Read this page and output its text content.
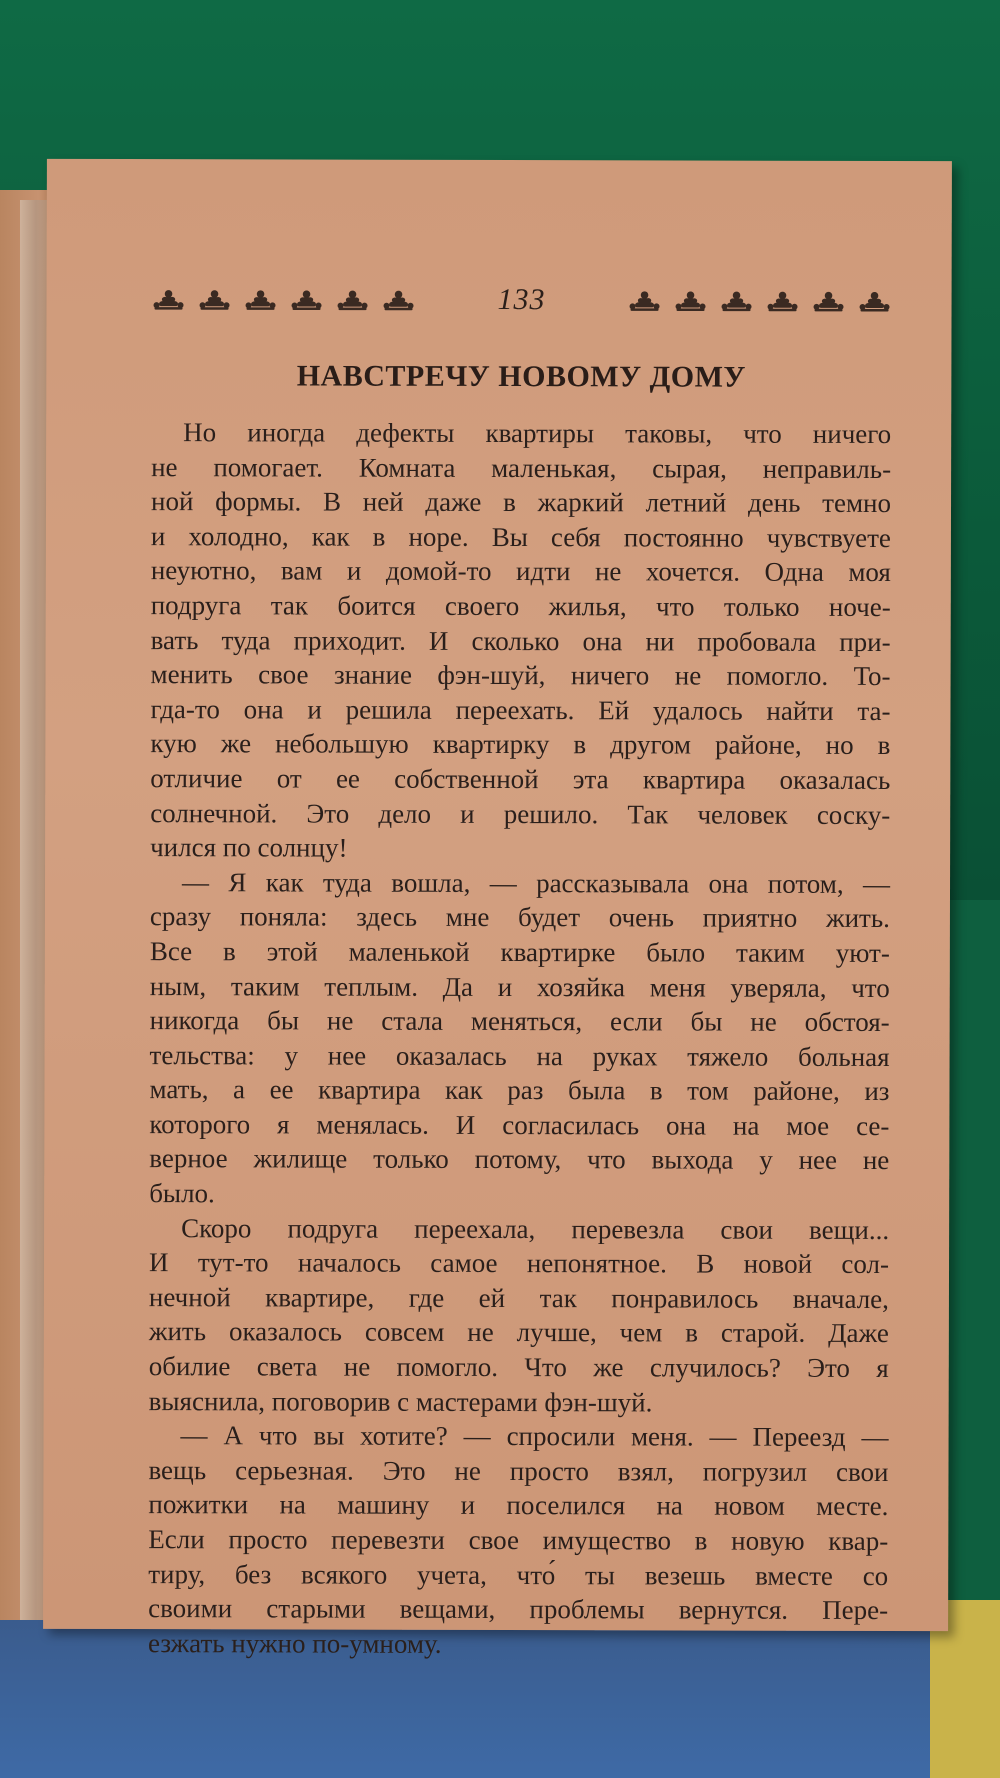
133
НАВСТРЕЧУ НОВОМУ ДОМУ
Но иногда дефекты квартиры таковы, что ничего
не помогает. Комната маленькая, сырая, неправиль-
ной формы. В ней даже в жаркий летний день темно
и холодно, как в норе. Вы себя постоянно чувствуете
неуютно, вам и домой-то идти не хочется. Одна моя
подруга так боится своего жилья, что только ноче-
вать туда приходит. И сколько она ни пробовала при-
менить свое знание фэн-шуй, ничего не помогло. То-
гда-то она и решила переехать. Ей удалось найти та-
кую же небольшую квартирку в другом районе, но в
отличие от ее собственной эта квартира оказалась
солнечной. Это дело и решило. Так человек соску-
чился по солнцу!
— Я как туда вошла, — рассказывала она потом, —
сразу поняла: здесь мне будет очень приятно жить.
Все в этой маленькой квартирке было таким уют-
ным, таким теплым. Да и хозяйка меня уверяла, что
никогда бы не стала меняться, если бы не обстоя-
тельства: у нее оказалась на руках тяжело больная
мать, а ее квартира как раз была в том районе, из
которого я менялась. И согласилась она на мое се-
верное жилище только потому, что выхода у нее не
было.
Скоро подруга переехала, перевезла свои вещи...
И тут-то началось самое непонятное. В новой сол-
нечной квартире, где ей так понравилось вначале,
жить оказалось совсем не лучше, чем в старой. Даже
обилие света не помогло. Что же случилось? Это я
выяснила, поговорив с мастерами фэн-шуй.
— А что вы хотите? — спросили меня. — Переезд —
вещь серьезная. Это не просто взял, погрузил свои
пожитки на машину и поселился на новом месте.
Если просто перевезти свое имущество в новую квар-
тиру, без всякого учета, что́ ты везешь вместе со
своими старыми вещами, проблемы вернутся. Пере-
езжать нужно по-умному.
